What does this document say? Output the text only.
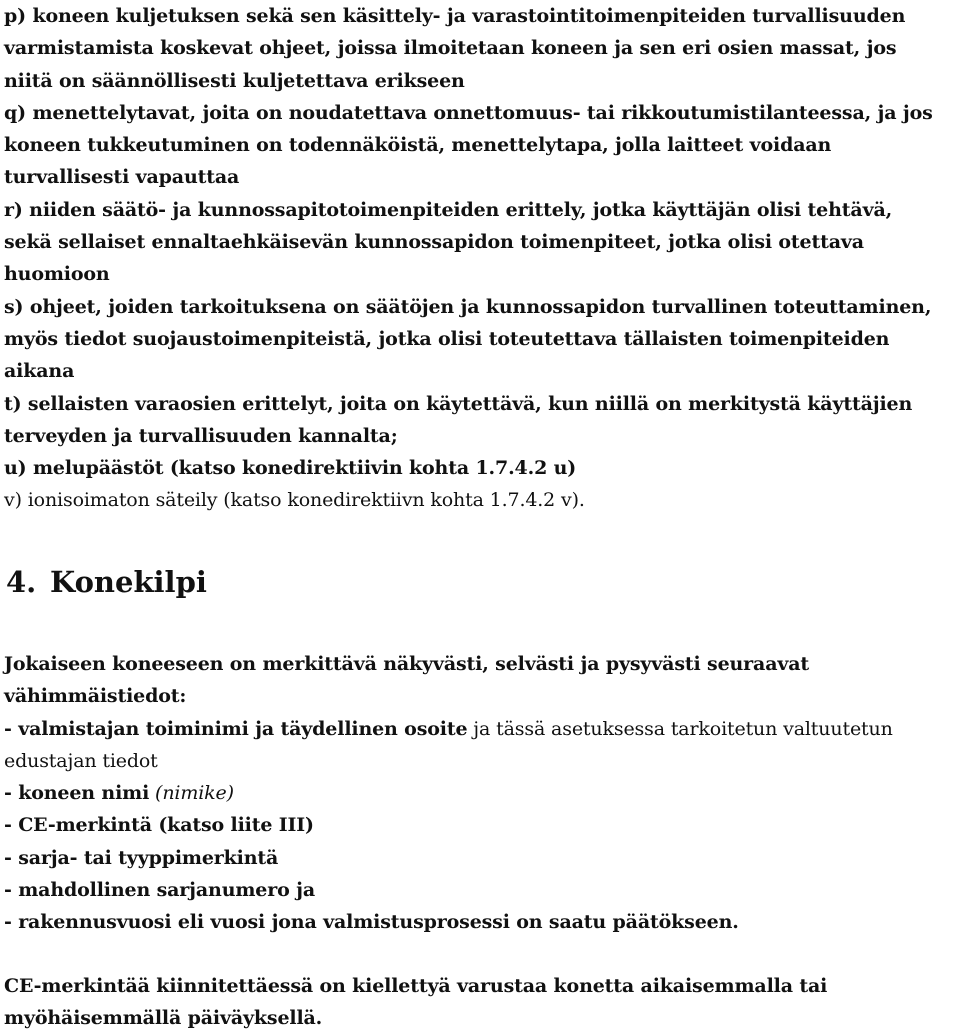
p) koneen kuljetuksen sekä sen käsittely- ja varastointitoimenpiteiden turvallisuuden
varmistamista koskevat ohjeet, joissa ilmoitetaan koneen ja sen eri osien massat, jos
niitä on säännöllisesti kuljetettava erikseen
q) menettelytavat, joita on noudatettava onnettomuus- tai rikkoutumistilanteessa, ja jos
koneen tukkeutuminen on todennäköistä, menettelytapa, jolla laitteet voidaan
turvallisesti vapauttaa
r) niiden säätö- ja kunnossapitotoimenpiteiden erittely, jotka käyttäjän olisi tehtävä,
sekä sellaiset ennaltaehkäisevän kunnossapidon toimenpiteet, jotka olisi otettava
huomioon
s) ohjeet, joiden tarkoituksena on säätöjen ja kunnossapidon turvallinen toteuttaminen,
myös tiedot suojaustoimenpiteistä, jotka olisi toteutettava tällaisten toimenpiteiden
aikana
t) sellaisten varaosien erittelyt, joita on käytettävä, kun niillä on merkitystä käyttäjien
terveyden ja turvallisuuden kannalta;
u) melupäästöt (katso konedirektiivin kohta 1.7.4.2 u)
v) ionisoimaton säteily (katso konedirektiivn kohta 1.7.4.2 v).
4. Konekilpi
Jokaiseen koneeseen on merkittävä näkyvästi, selvästi ja pysyvästi seuraavat
vähimmäistiedot:
- valmistajan toiminimi ja täydellinen osoite ja tässä asetuksessa tarkoitetun valtuutetun
edustajan tiedot
- koneen nimi (nimike)
- CE-merkintä (katso liite III)
- sarja- tai tyyppimerkintä
- mahdollinen sarjanumero ja
- rakennusvuosi eli vuosi jona valmistusprosessi on saatu päätökseen.
CE-merkintää kiinnitettäessä on kiellettyä varustaa konetta aikaisemmalla tai
myöhäisemmällä päiväyksellä.
